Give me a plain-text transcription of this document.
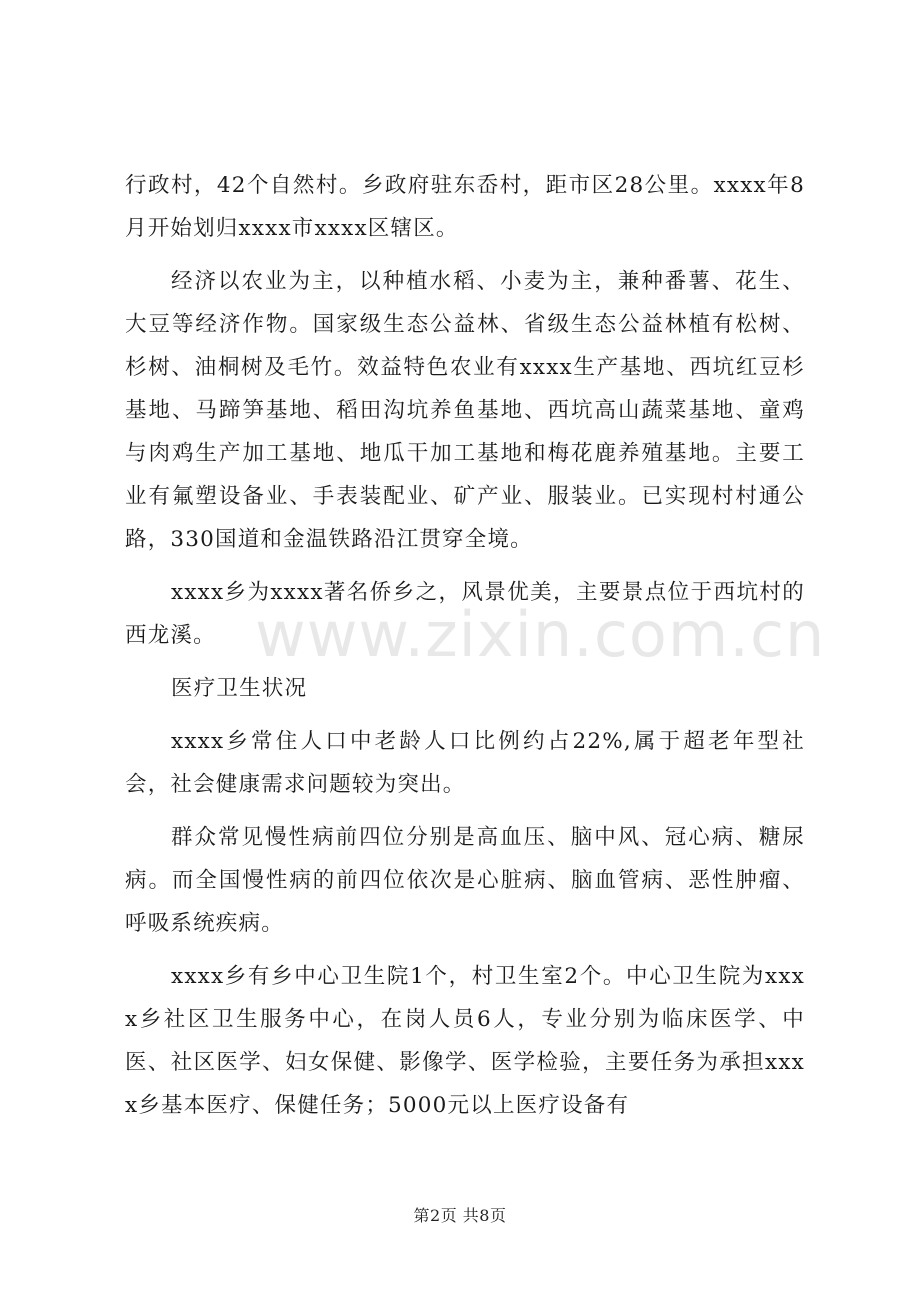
行政村，42个自然村。乡政府驻东岙村，距市区28公里。xxxx年8月开始划归xxxx市xxxx区辖区。

经济以农业为主，以种植水稻、小麦为主，兼种番薯、花生、大豆等经济作物。国家级生态公益林、省级生态公益林植有松树、杉树、油桐树及毛竹。效益特色农业有xxxx生产基地、西坑红豆杉基地、马蹄笋基地、稻田沟坑养鱼基地、西坑高山蔬菜基地、童鸡与肉鸡生产加工基地、地瓜干加工基地和梅花鹿养殖基地。主要工业有氟塑设备业、手表装配业、矿产业、服装业。已实现村村通公路，330国道和金温铁路沿江贯穿全境。

xxxx乡为xxxx著名侨乡之，风景优美，主要景点位于西坑村的西龙溪。

医疗卫生状况

xxxx乡常住人口中老龄人口比例约占22%,属于超老年型社会，社会健康需求问题较为突出。

群众常见慢性病前四位分别是高血压、脑中风、冠心病、糖尿病。而全国慢性病的前四位依次是心脏病、脑血管病、恶性肿瘤、呼吸系统疾病。

xxxx乡有乡中心卫生院1个，村卫生室2个。中心卫生院为xxxx乡社区卫生服务中心，在岗人员6人，专业分别为临床医学、中医、社区医学、妇女保健、影像学、医学检验，主要任务为承担xxxx乡基本医疗、保健任务；5000元以上医疗设备有

www.zixin.com.cn
第2页 共8页
